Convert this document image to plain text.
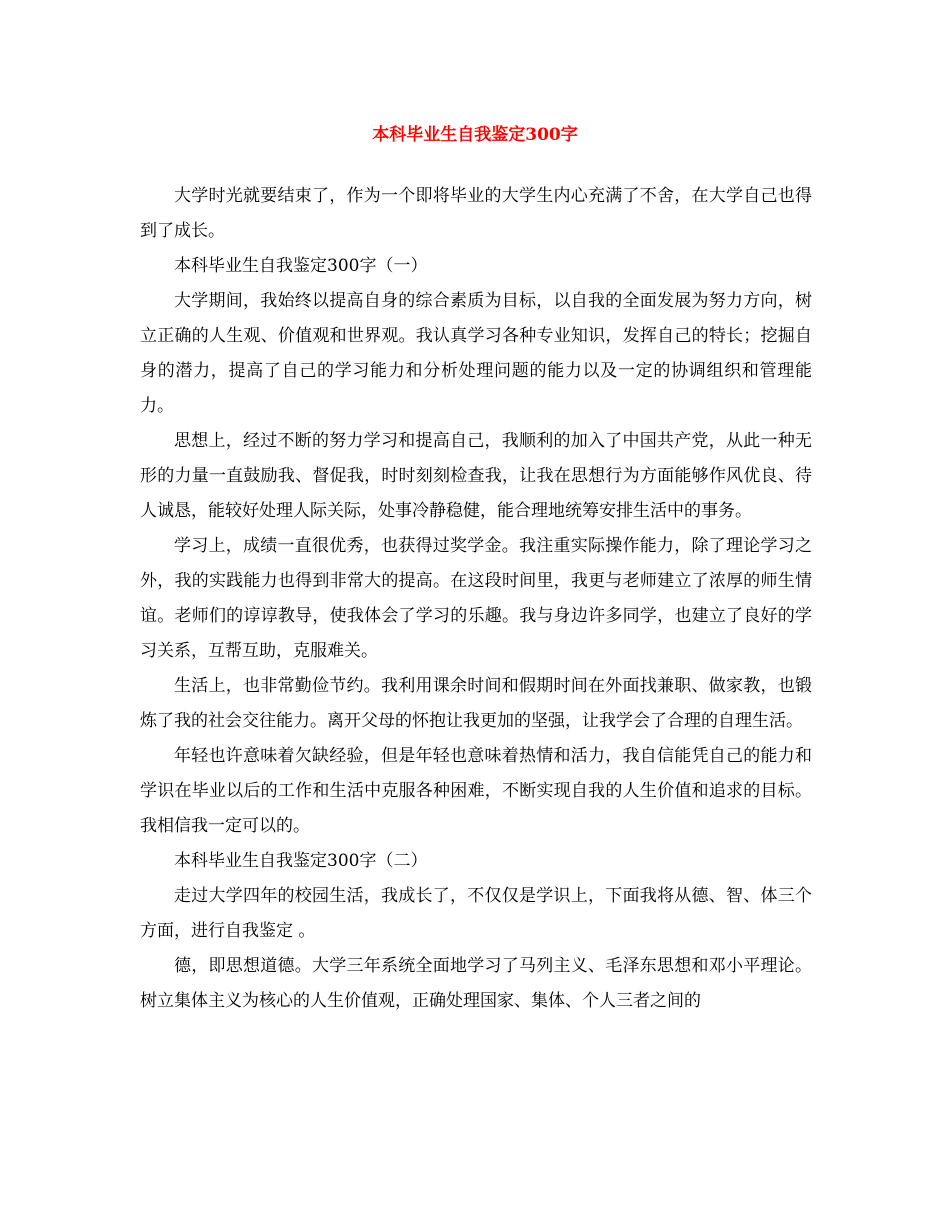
本科毕业生自我鉴定300字

大学时光就要结束了，作为一个即将毕业的大学生内心充满了不舍，在大学自己也得到了成长。

本科毕业生自我鉴定300字（一）

大学期间，我始终以提高自身的综合素质为目标，以自我的全面发展为努力方向，树立正确的人生观、价值观和世界观。我认真学习各种专业知识，发挥自己的特长；挖掘自身的潜力，提高了自己的学习能力和分析处理问题的能力以及一定的协调组织和管理能力。

思想上，经过不断的努力学习和提高自己，我顺利的加入了中国共产党，从此一种无形的力量一直鼓励我、督促我，时时刻刻检查我，让我在思想行为方面能够作风优良、待人诚恳，能较好处理人际关际，处事冷静稳健，能合理地统筹安排生活中的事务。

学习上，成绩一直很优秀，也获得过奖学金。我注重实际操作能力，除了理论学习之外，我的实践能力也得到非常大的提高。在这段时间里，我更与老师建立了浓厚的师生情谊。老师们的谆谆教导，使我体会了学习的乐趣。我与身边许多同学，也建立了良好的学习关系，互帮互助，克服难关。

生活上，也非常勤俭节约。我利用课余时间和假期时间在外面找兼职、做家教，也锻炼了我的社会交往能力。离开父母的怀抱让我更加的坚强，让我学会了合理的自理生活。

年轻也许意味着欠缺经验，但是年轻也意味着热情和活力，我自信能凭自己的能力和学识在毕业以后的工作和生活中克服各种困难，不断实现自我的人生价值和追求的目标。我相信我一定可以的。

本科毕业生自我鉴定300字（二）

走过大学四年的校园生活，我成长了，不仅仅是学识上，下面我将从德、智、体三个方面，进行自我鉴定 。

德，即思想道德。大学三年系统全面地学习了马列主义、毛泽东思想和邓小平理论。树立集体主义为核心的人生价值观，正确处理国家、集体、个人三者之间的
